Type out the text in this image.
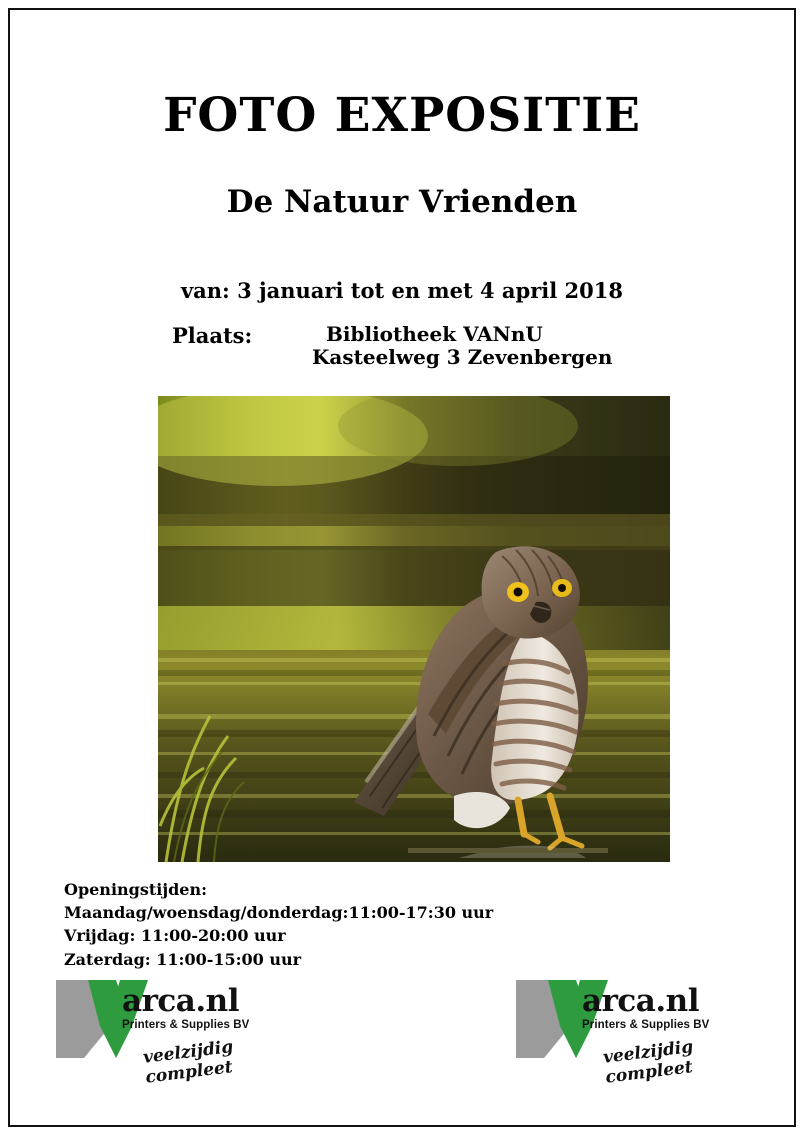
FOTO EXPOSITIE
De Natuur Vrienden
van: 3 januari tot en met 4 april 2018
Plaats:	Bibliotheek VANnU
Kasteelweg 3 Zevenbergen
Openingstijden:
Maandag/woensdag/donderdag:11:00-17:30 uur
Vrijdag: 11:00-20:00 uur
Zaterdag: 11:00-15:00 uur
arca.nl
Printers & Supplies BV
veelzijdig compleet
arca.nl
Printers & Supplies BV
veelzijdig compleet
